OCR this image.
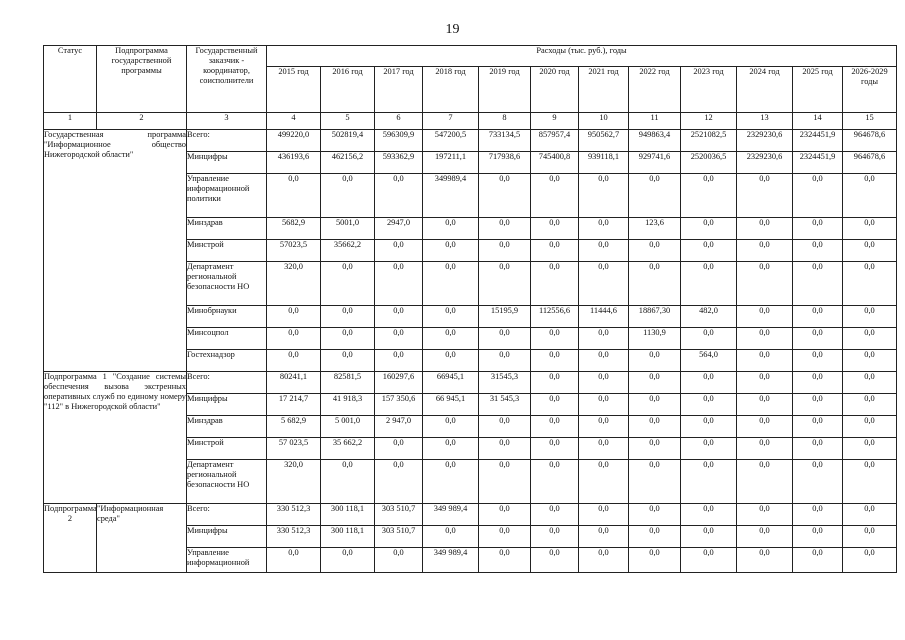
19
Статус	Подпрограмма государственной программы	Государственный заказчик - координатор, соисполнители	Расходы (тыс. руб.), годы											
			2015 год	2016 год	2017 год	2018 год	2019 год	2020 год	2021 год	2022 год	2023 год	2024 год	2025 год	2026-2029 годы
1	2	3	4	5	6	7	8	9	10	11	12	13	14	15
Государственная программа "Информационное общество Нижегородской области"		Всего:	499220,0	502819,4	596309,9	547200,5	733134,5	857957,4	950562,7	949863,4	2521082,5	2329230,6	2324451,9	964678,6
		Минцифры	436193,6	462156,2	593362,9	197211,1	717938,6	745400,8	939118,1	929741,6	2520036,5	2329230,6	2324451,9	964678,6
		Управление информационной политики	0,0	0,0	0,0	349989,4	0,0	0,0	0,0	0,0	0,0	0,0	0,0	0,0
		Минздрав	5682,9	5001,0	2947,0	0,0	0,0	0,0	0,0	123,6	0,0	0,0	0,0	0,0
		Минстрой	57023,5	35662,2	0,0	0,0	0,0	0,0	0,0	0,0	0,0	0,0	0,0	0,0
		Департамент региональной безопасности НО	320,0	0,0	0,0	0,0	0,0	0,0	0,0	0,0	0,0	0,0	0,0	0,0
		Минобрнауки	0,0	0,0	0,0	0,0	15195,9	112556,6	11444,6	18867,30	482,0	0,0	0,0	0,0
		Минсоцпол	0,0	0,0	0,0	0,0	0,0	0,0	0,0	1130,9	0,0	0,0	0,0	0,0
		Гостехнадзор	0,0	0,0	0,0	0,0	0,0	0,0	0,0	0,0	564,0	0,0	0,0	0,0
Подпрограмма 1 "Создание системы обеспечения вызова экстренных оперативных служб по единому номеру "112" в Нижегородской области"		Всего:	80241,1	82581,5	160297,6	66945,1	31545,3	0,0	0,0	0,0	0,0	0,0	0,0	0,0
		Минцифры	17 214,7	41 918,3	157 350,6	66 945,1	31 545,3	0,0	0,0	0,0	0,0	0,0	0,0	0,0
		Минздрав	5 682,9	5 001,0	2 947,0	0,0	0,0	0,0	0,0	0,0	0,0	0,0	0,0	0,0
		Минстрой	57 023,5	35 662,2	0,0	0,0	0,0	0,0	0,0	0,0	0,0	0,0	0,0	0,0
		Департамент региональной безопасности НО	320,0	0,0	0,0	0,0	0,0	0,0	0,0	0,0	0,0	0,0	0,0	0,0
Подпрограмма 2	"Информационная среда"	Всего:	330 512,3	300 118,1	303 510,7	349 989,4	0,0	0,0	0,0	0,0	0,0	0,0	0,0	0,0
		Минцифры	330 512,3	300 118,1	303 510,7	0,0	0,0	0,0	0,0	0,0	0,0	0,0	0,0	0,0
		Управление информационной	0,0	0,0	0,0	349 989,4	0,0	0,0	0,0	0,0	0,0	0,0	0,0	0,0
